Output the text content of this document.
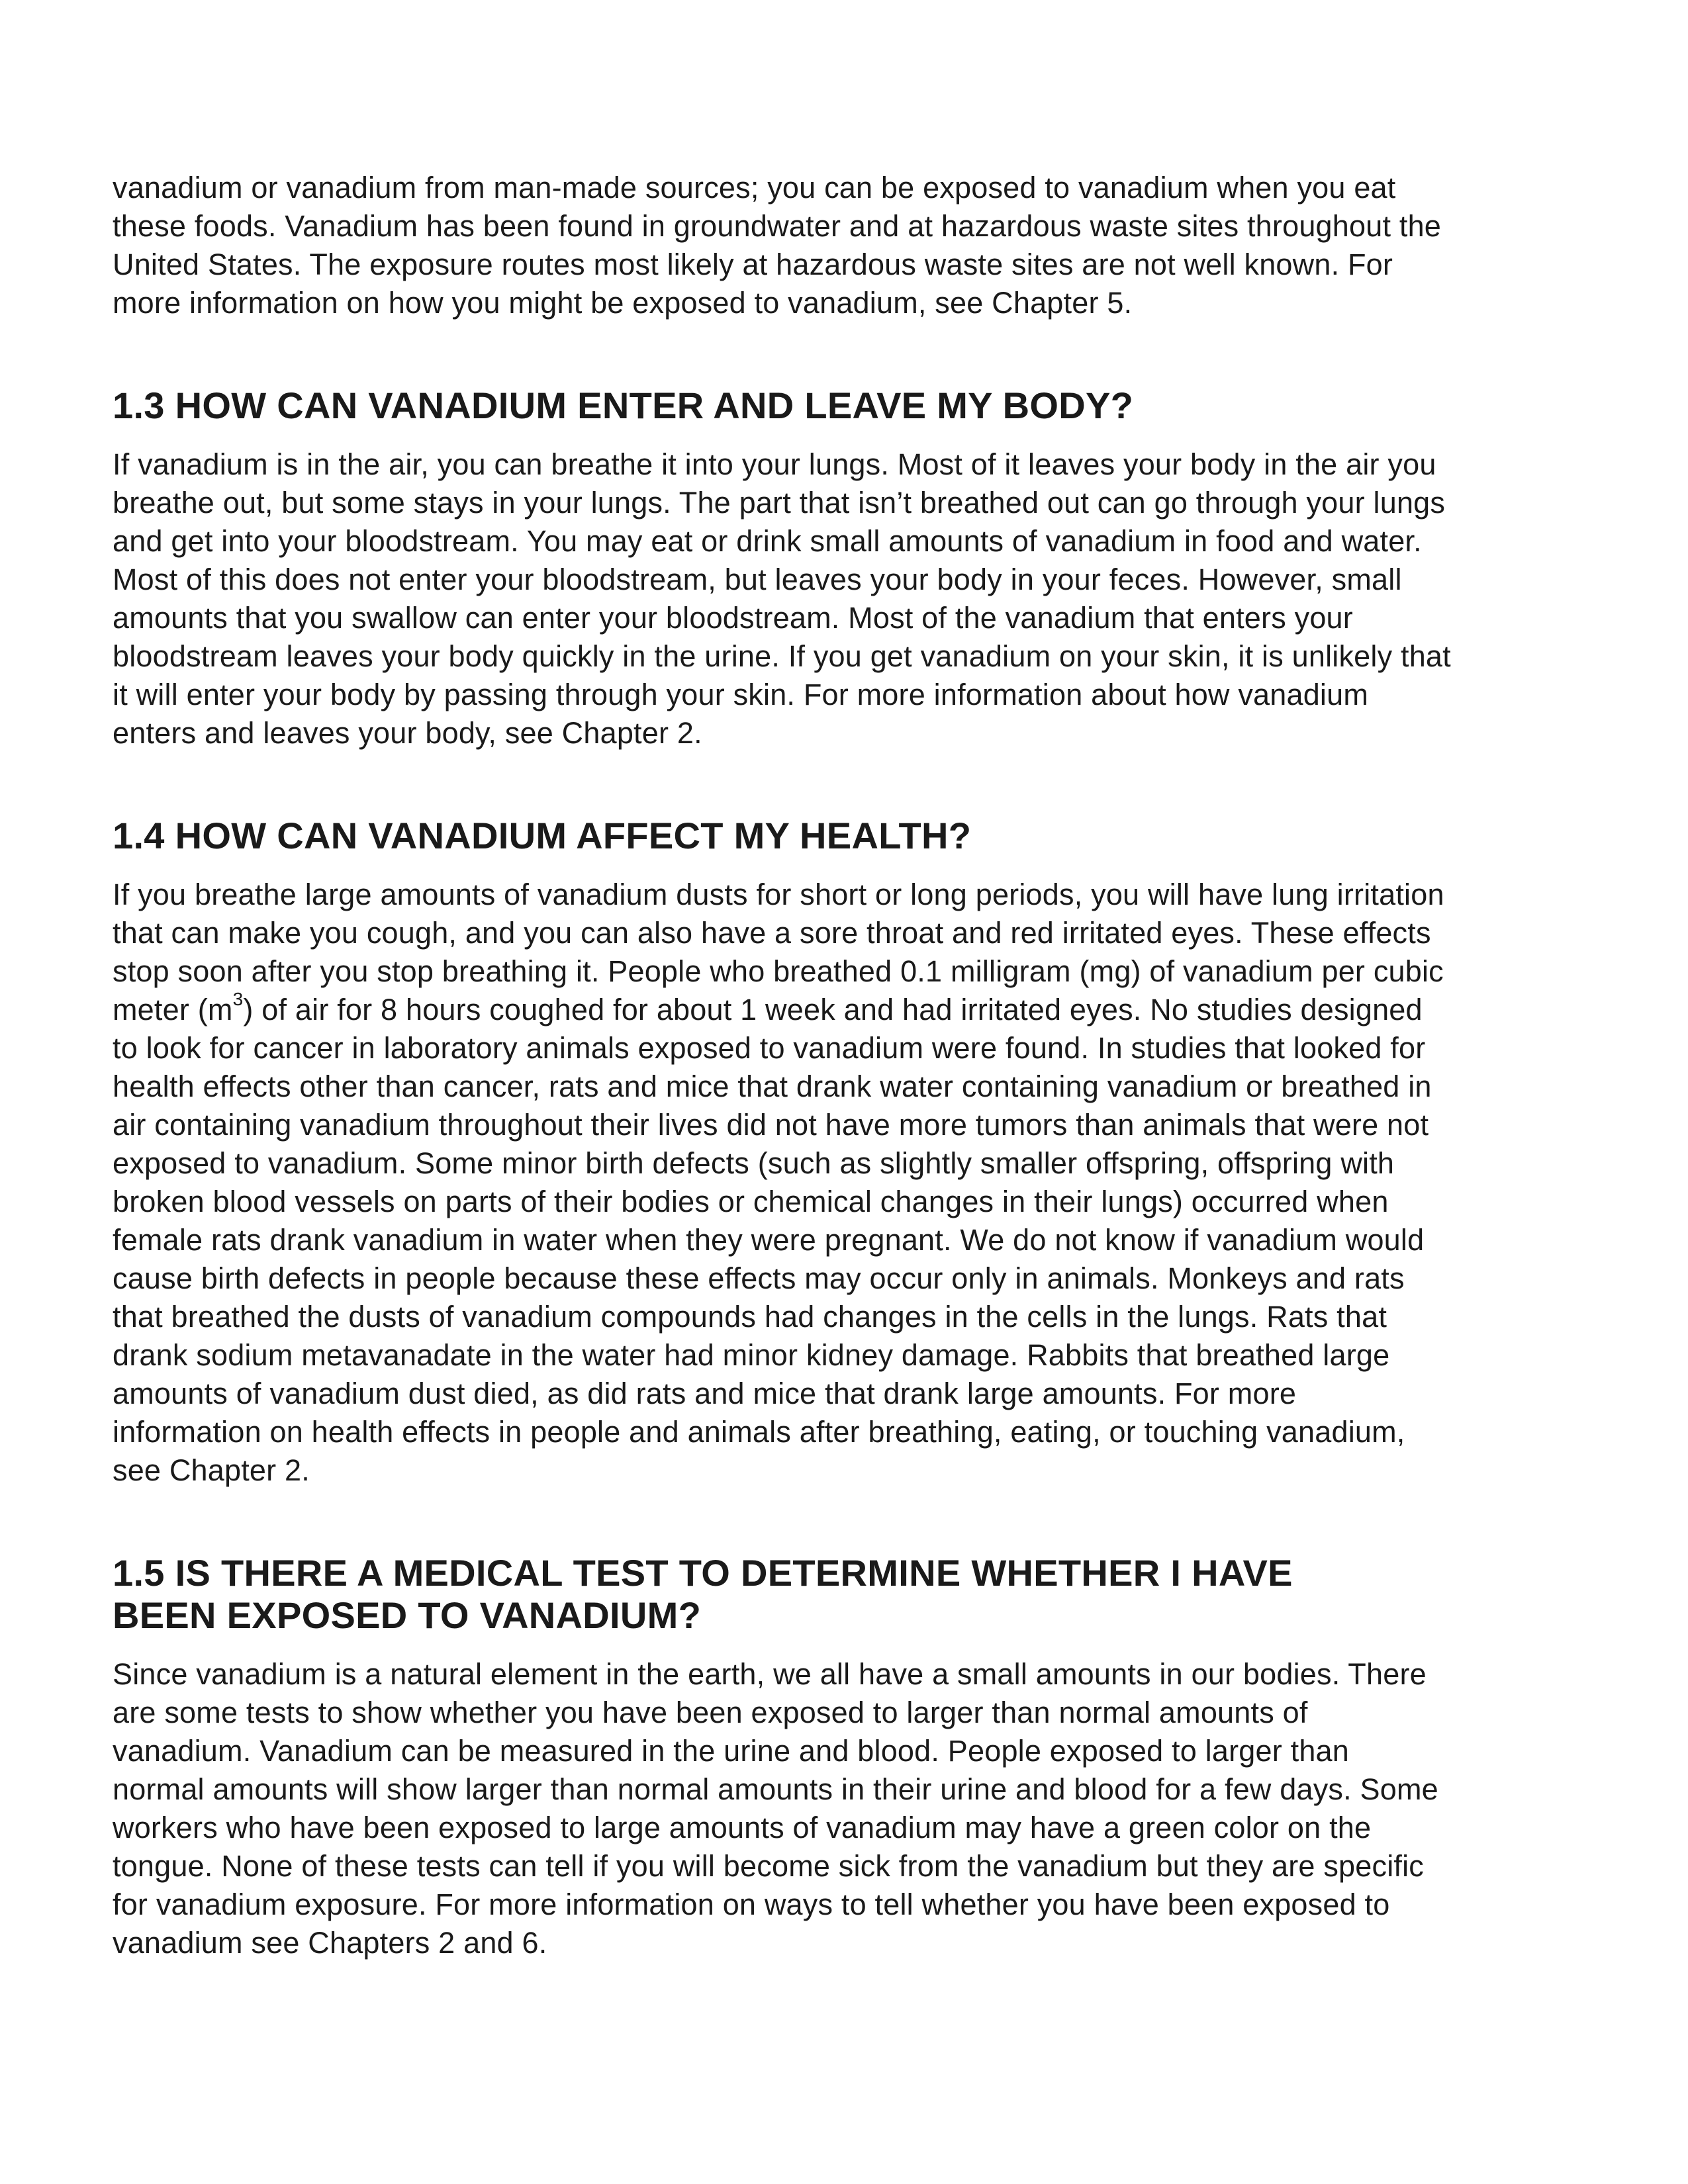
vanadium or vanadium from man-made sources; you can be exposed to vanadium when you eat
these foods. Vanadium has been found in groundwater and at hazardous waste sites throughout the
United States. The exposure routes most likely at hazardous waste sites are not well known. For
more information on how you might be exposed to vanadium, see Chapter 5.

1.3 HOW CAN VANADIUM ENTER AND LEAVE MY BODY?

If vanadium is in the air, you can breathe it into your lungs. Most of it leaves your body in the air you
breathe out, but some stays in your lungs. The part that isn’t breathed out can go through your lungs
and get into your bloodstream. You may eat or drink small amounts of vanadium in food and water.
Most of this does not enter your bloodstream, but leaves your body in your feces. However, small
amounts that you swallow can enter your bloodstream. Most of the vanadium that enters your
bloodstream leaves your body quickly in the urine. If you get vanadium on your skin, it is unlikely that
it will enter your body by passing through your skin. For more information about how vanadium
enters and leaves your body, see Chapter 2.

1.4 HOW CAN VANADIUM AFFECT MY HEALTH?

If you breathe large amounts of vanadium dusts for short or long periods, you will have lung irritation
that can make you cough, and you can also have a sore throat and red irritated eyes. These effects
stop soon after you stop breathing it. People who breathed 0.1 milligram (mg) of vanadium per cubic
meter $(m^3)$ of air for 8 hours coughed for about 1 week and had irritated eyes. No studies designed
to look for cancer in laboratory animals exposed to vanadium were found. In studies that looked for
health effects other than cancer, rats and mice that drank water containing vanadium or breathed in
air containing vanadium throughout their lives did not have more tumors than animals that were not
exposed to vanadium. Some minor birth defects (such as slightly smaller offspring, offspring with
broken blood vessels on parts of their bodies or chemical changes in their lungs) occurred when
female rats drank vanadium in water when they were pregnant. We do not know if vanadium would
cause birth defects in people because these effects may occur only in animals. Monkeys and rats
that breathed the dusts of vanadium compounds had changes in the cells in the lungs. Rats that
drank sodium metavanadate in the water had minor kidney damage. Rabbits that breathed large
amounts of vanadium dust died, as did rats and mice that drank large amounts. For more
information on health effects in people and animals after breathing, eating, or touching vanadium,
see Chapter 2.

1.5 IS THERE A MEDICAL TEST TO DETERMINE WHETHER I HAVE
BEEN EXPOSED TO VANADIUM?

Since vanadium is a natural element in the earth, we all have a small amounts in our bodies. There
are some tests to show whether you have been exposed to larger than normal amounts of
vanadium. Vanadium can be measured in the urine and blood. People exposed to larger than
normal amounts will show larger than normal amounts in their urine and blood for a few days. Some
workers who have been exposed to large amounts of vanadium may have a green color on the
tongue. None of these tests can tell if you will become sick from the vanadium but they are specific
for vanadium exposure. For more information on ways to tell whether you have been exposed to
vanadium see Chapters 2 and 6.
